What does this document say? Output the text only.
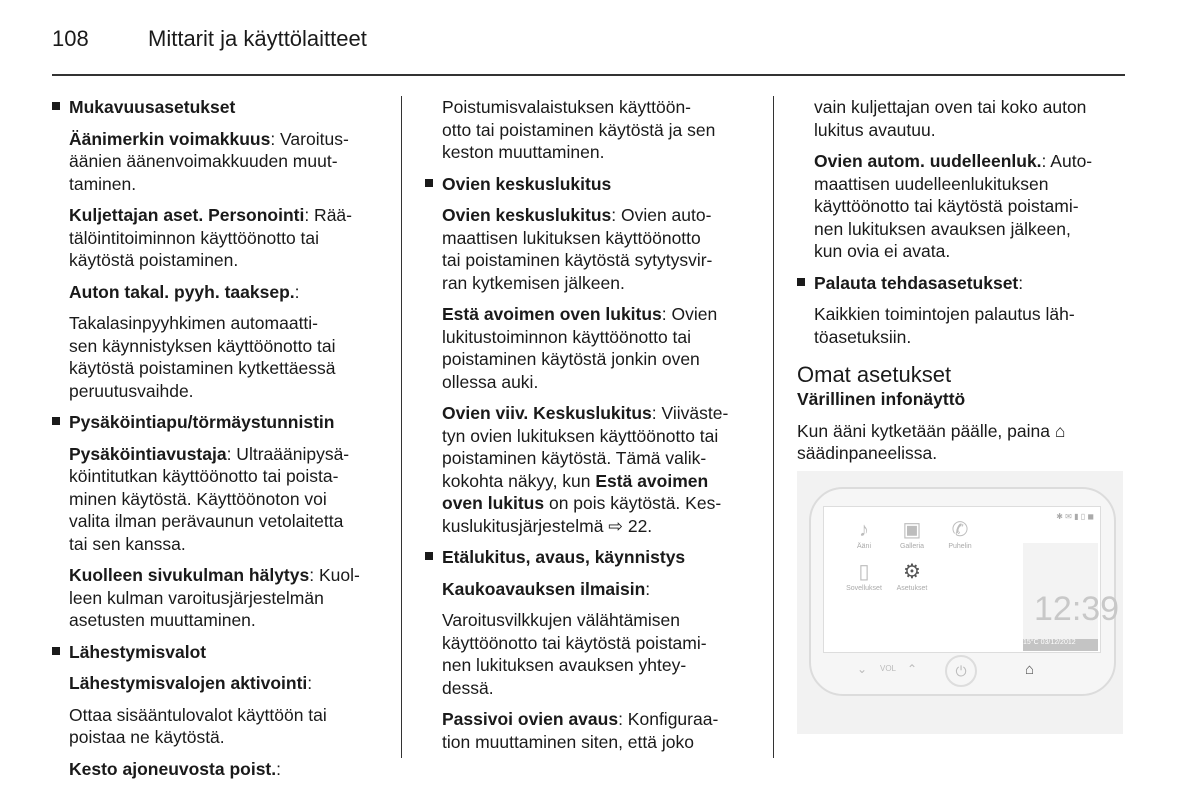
108	Mittarit ja käyttölaitteet

Mukavuusasetukset

Äänimerkin voimakkuus: Varoitus-
äänien äänenvoimakkuuden muut-
taminen.

Kuljettajan aset. Personointi: Rää-
tälöintitoiminnon käyttöönotto tai
käytöstä poistaminen.

Auton takal. pyyh. taaksep.:

Takalasinpyyhkimen automaatti-
sen käynnistyksen käyttöönotto tai
käytöstä poistaminen kytkettäessä
peruutusvaihde.

Pysäköintiapu/törmäystunnistin

Pysäköintiavustaja: Ultraäänipysä-
köintitutkan käyttöönotto tai poista-
minen käytöstä. Käyttöönoton voi
valita ilman perävaunun vetolaitetta
tai sen kanssa.

Kuolleen sivukulman hälytys: Kuol-
leen kulman varoitusjärjestelmän
asetusten muuttaminen.

Lähestymisvalot

Lähestymisvalojen aktivointi:

Ottaa sisääntulovalot käyttöön tai
poistaa ne käytöstä.

Kesto ajoneuvosta poist.:

Poistumisvalaistuksen käyttöön-
otto tai poistaminen käytöstä ja sen
keston muuttaminen.

Ovien keskuslukitus

Ovien keskuslukitus: Ovien auto-
maattisen lukituksen käyttöönotto
tai poistaminen käytöstä sytytysvir-
ran kytkemisen jälkeen.

Estä avoimen oven lukitus: Ovien
lukitustoiminnon käyttöönotto tai
poistaminen käytöstä jonkin oven
ollessa auki.

Ovien viiv. Keskuslukitus: Viiväste-
tyn ovien lukituksen käyttöönotto tai
poistaminen käytöstä. Tämä valik-
kokohta näkyy, kun Estä avoimen
oven lukitus on pois käytöstä. Kes-
kuslukitusjärjestelmä ⇨ 22.

Etälukitus, avaus, käynnistys

Kaukoavauksen ilmaisin:

Varoitusvilkkujen välähtämisen
käyttöönotto tai käytöstä poistami-
nen lukituksen avauksen yhtey-
dessä.

Passivoi ovien avaus: Konfiguraa-
tion muuttaminen siten, että joko

vain kuljettajan oven tai koko auton
lukitus avautuu.

Ovien autom. uudelleenluk.: Auto-
maattisen uudelleenlukituksen
käyttöönotto tai käytöstä poistami-
nen lukituksen avauksen jälkeen,
kun ovia ei avata.

Palauta tehdasasetukset:

Kaikkien toimintojen palautus läh-
töasetuksiin.

Omat asetukset

Värillinen infonäyttö

Kun ääni kytketään päälle, paina ⌂
säädinpaneelissa.

✱ ✉ ▮ ▯ ◼
♪
Ääni
▣
Galleria
✆
Puhelin
▯
Sovellukset
⚙
Asetukset
15°C 03/12/2012
12:39
⌄ VOL ⌃	⏻	⌂
